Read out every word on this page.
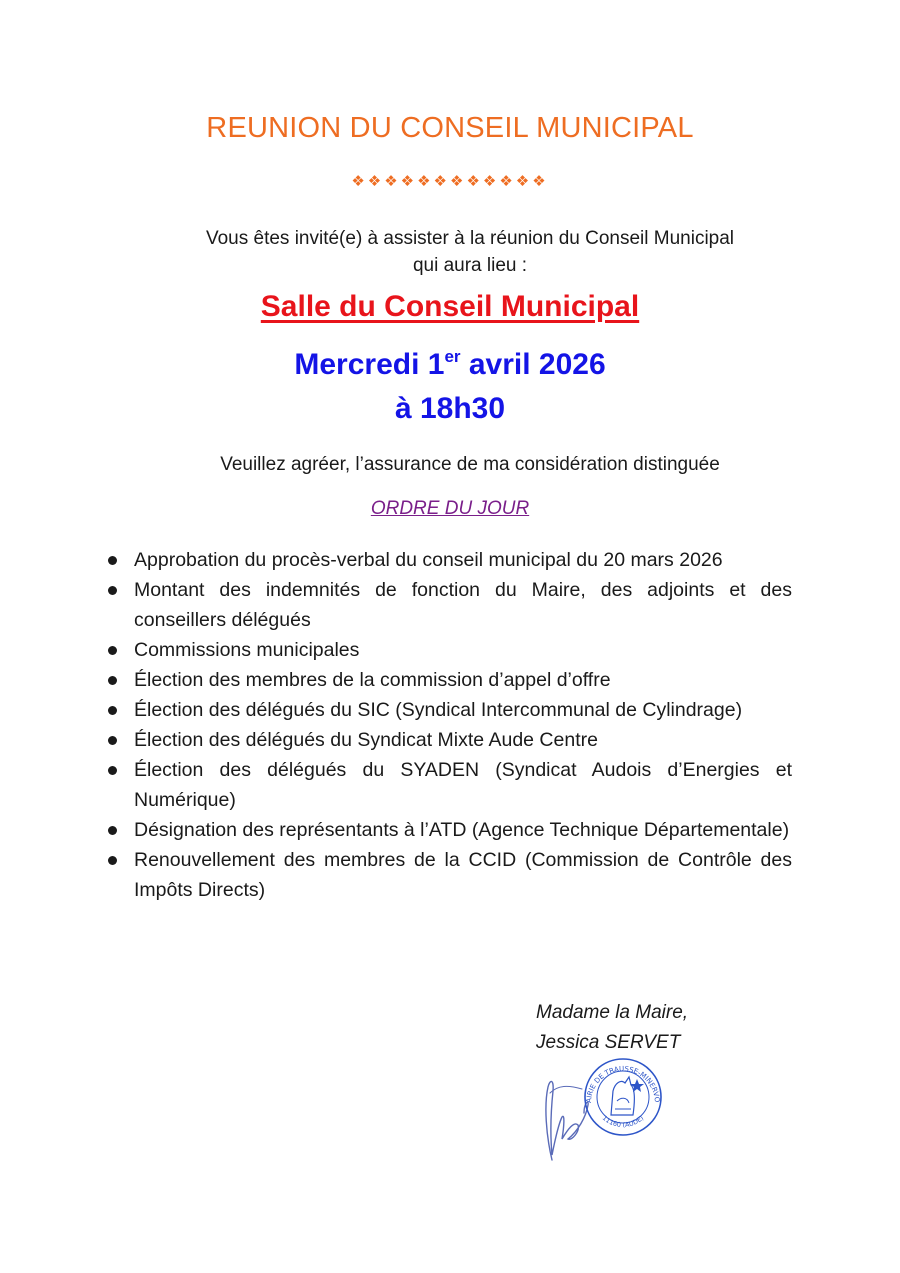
REUNION DU CONSEIL MUNICIPAL
❖❖❖❖❖❖❖❖❖❖❖❖
Vous êtes invité(e) à assister à la réunion du Conseil Municipal
qui aura lieu :
Salle du Conseil Municipal
Mercredi 1er avril 2026
à 18h30
Veuillez agréer, l’assurance de ma considération distinguée
ORDRE DU JOUR
Approbation du procès-verbal du conseil municipal du 20 mars 2026
Montant des indemnités de fonction du Maire, des adjoints et des conseillers délégués
Commissions municipales
Élection des membres de la commission d’appel d’offre
Élection des délégués du SIC (Syndical Intercommunal de Cylindrage)
Élection des délégués du Syndicat Mixte Aude Centre
Élection des délégués du SYADEN (Syndicat Audois d’Energies et Numérique)
Désignation des représentants à l’ATD (Agence Technique Départementale)
Renouvellement des membres de la CCID (Commission de Contrôle des Impôts Directs)
Madame la Maire,
Jessica SERVET
MAIRIE DE TRAUSSE-MINERVOIS
11160 (AUDE)
